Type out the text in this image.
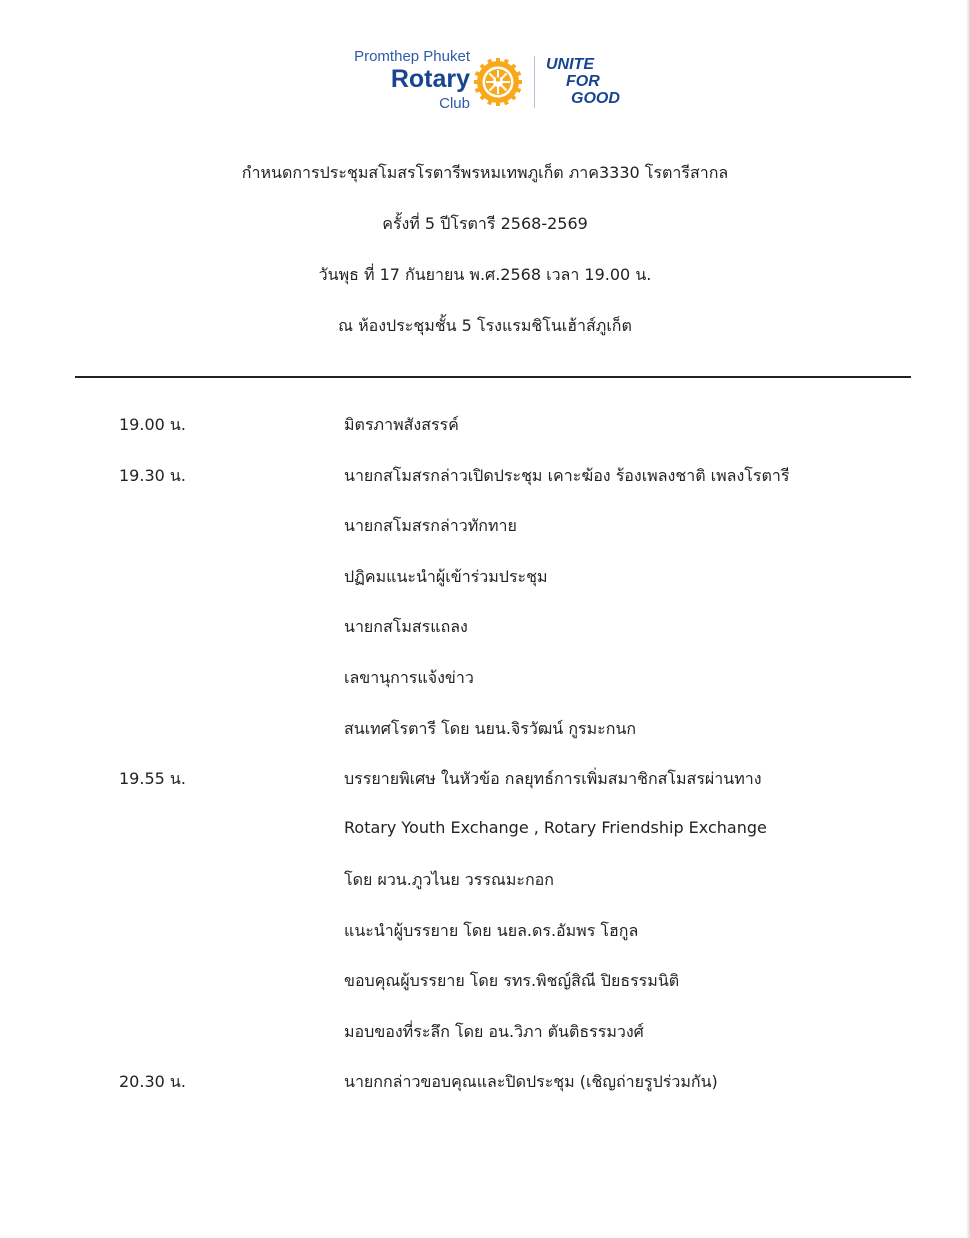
Promthep Phuket
Rotary
Club
UNITE
FOR
GOOD
กำหนดการประชุมสโมสรโรตารีพรหมเทพภูเก็ต ภาค3330 โรตารีสากล
ครั้งที่ 5 ปีโรตารี 2568-2569
วันพุธ ที่ 17 กันยายน พ.ศ.2568 เวลา 19.00 น.
ณ ห้องประชุมชั้น 5 โรงแรมชิโนเฮ้าส์ภูเก็ต
19.00 น.	มิตรภาพสังสรรค์
19.30 น.	นายกสโมสรกล่าวเปิดประชุม เคาะฆ้อง ร้องเพลงชาติ เพลงโรตารี
นายกสโมสรกล่าวทักทาย
ปฏิคมแนะนำผู้เข้าร่วมประชุม
นายกสโมสรแถลง
เลขานุการแจ้งข่าว
สนเทศโรตารี โดย นยน.จิรวัฒน์ กูรมะกนก
19.55 น.	บรรยายพิเศษ ในหัวข้อ กลยุทธ์การเพิ่มสมาชิกสโมสรผ่านทาง
Rotary Youth Exchange , Rotary Friendship Exchange
โดย ผวน.ภูวไนย วรรณมะกอก
แนะนำผู้บรรยาย โดย นยล.ดร.อัมพร โฮกูล
ขอบคุณผู้บรรยาย โดย รทร.พิชญ์สิณี ปิยธรรมนิติ
มอบของที่ระลึก โดย อน.วิภา ตันติธรรมวงศ์
20.30 น.	นายกกล่าวขอบคุณและปิดประชุม (เชิญถ่ายรูปร่วมกัน)
